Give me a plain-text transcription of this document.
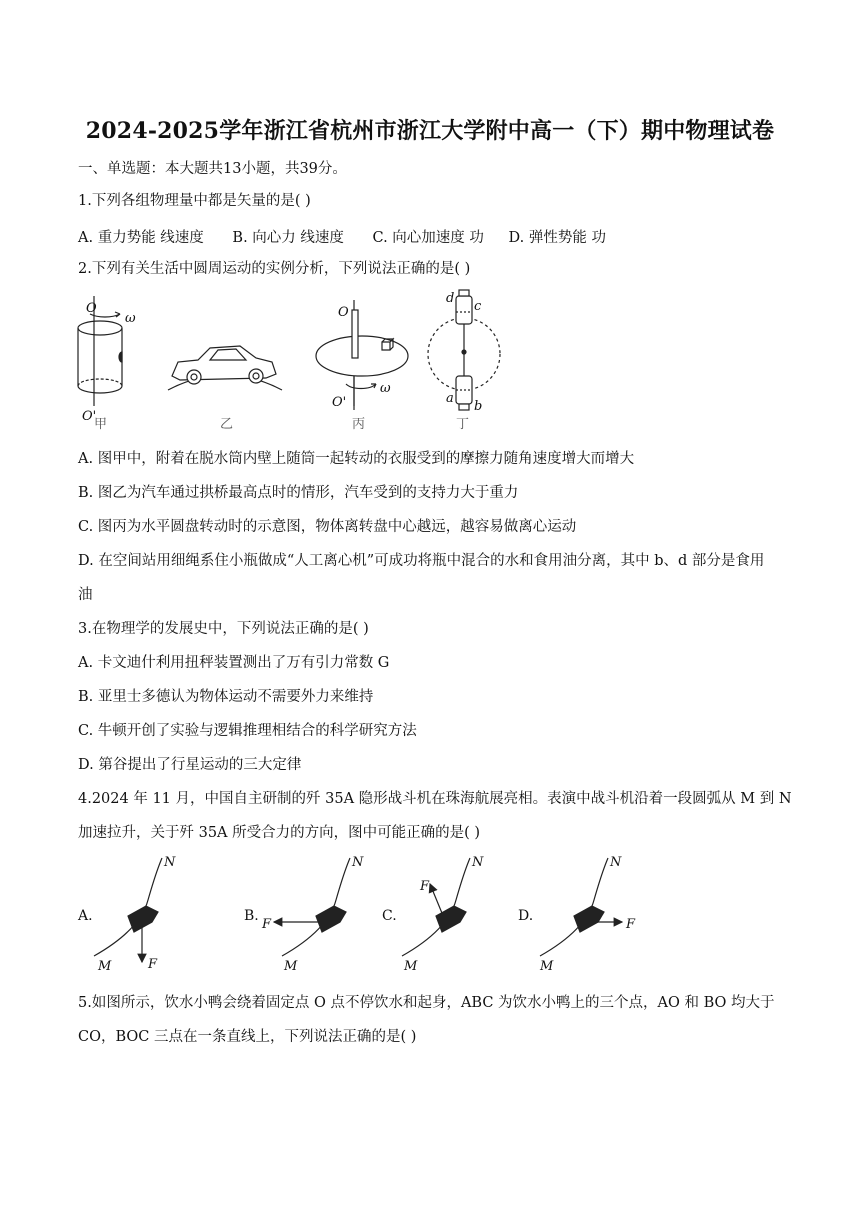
2024-2025学年浙江省杭州市浙江大学附中高一（下）期中物理试卷
一、单选题：本大题共13小题，共39分。
1.下列各组物理量中都是矢量的是( )
A. 重力势能 线速度 B. 向心力 线速度 C. 向心加速度 功 D. 弹性势能 功
2.下列有关生活中圆周运动的实例分析，下列说法正确的是( )
O
O'
ω	O
O'
ω
d
c
a
b
甲	乙	丙	丁
A. 图甲中，附着在脱水筒内壁上随筒一起转动的衣服受到的摩擦力随角速度增大而增大
B. 图乙为汽车通过拱桥最高点时的情形，汽车受到的支持力大于重力
C. 图丙为水平圆盘转动时的示意图，物体离转盘中心越远，越容易做离心运动
D. 在空间站用细绳系住小瓶做成“人工离心机”可成功将瓶中混合的水和食用油分离，其中 b、d 部分是食用
油
3.在物理学的发展史中，下列说法正确的是( )
A. 卡文迪什利用扭秤装置测出了万有引力常数 G
B. 亚里士多德认为物体运动不需要外力来维持
C. 牛顿开创了实验与逻辑推理相结合的科学研究方法
D. 第谷提出了行星运动的三大定律
4.2024 年 11 月，中国自主研制的歼 35A 隐形战斗机在珠海航展亮相。表演中战斗机沿着一段圆弧从 M 到 N
加速拉升，关于歼 35A 所受合力的方向，图中可能正确的是( )
A.	B.	C.	D.
N
M	F
N
M
F
N
M
F
N
M
F
5.如图所示，饮水小鸭会绕着固定点 O 点不停饮水和起身，ABC 为饮水小鸭上的三个点，AO 和 BO 均大于
CO，BOC 三点在一条直线上，下列说法正确的是( )
